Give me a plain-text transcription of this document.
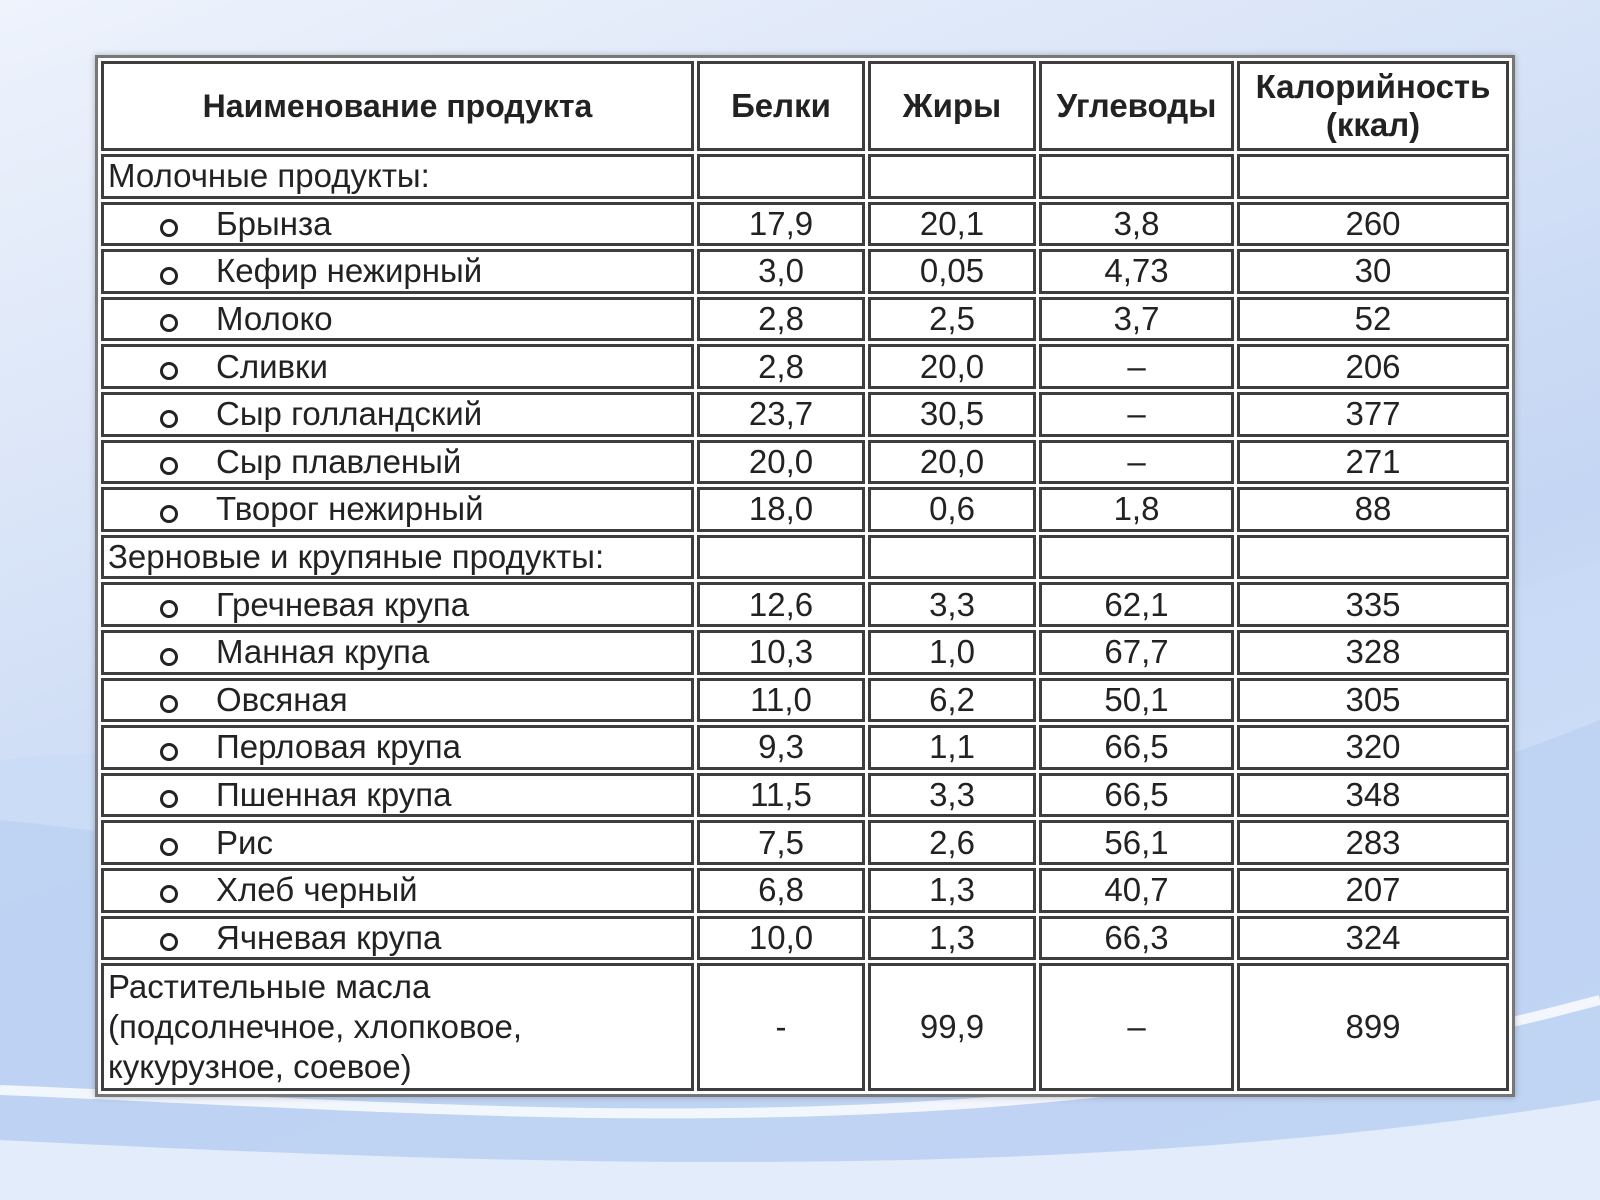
Наименование продукта	Белки	Жиры	Углеводы	Калорийность
(ккал)
Молочные продукты:				
Брынза	17,9	20,1	3,8	260
Кефир нежирный	3,0	0,05	4,73	30
Молоко	2,8	2,5	3,7	52
Сливки	2,8	20,0	–	206
Сыр голландский	23,7	30,5	–	377
Сыр плавленый	20,0	20,0	–	271
Творог нежирный	18,0	0,6	1,8	88
Зерновые и крупяные продукты:				
Гречневая крупа	12,6	3,3	62,1	335
Манная крупа	10,3	1,0	67,7	328
Овсяная	11,0	6,2	50,1	305
Перловая крупа	9,3	1,1	66,5	320
Пшенная крупа	11,5	3,3	66,5	348
Рис	7,5	2,6	56,1	283
Хлеб черный	6,8	1,3	40,7	207
Ячневая крупа	10,0	1,3	66,3	324
Растительные масла
(подсолнечное, хлопковое,
кукурузное, соевое)	-	99,9	–	899
